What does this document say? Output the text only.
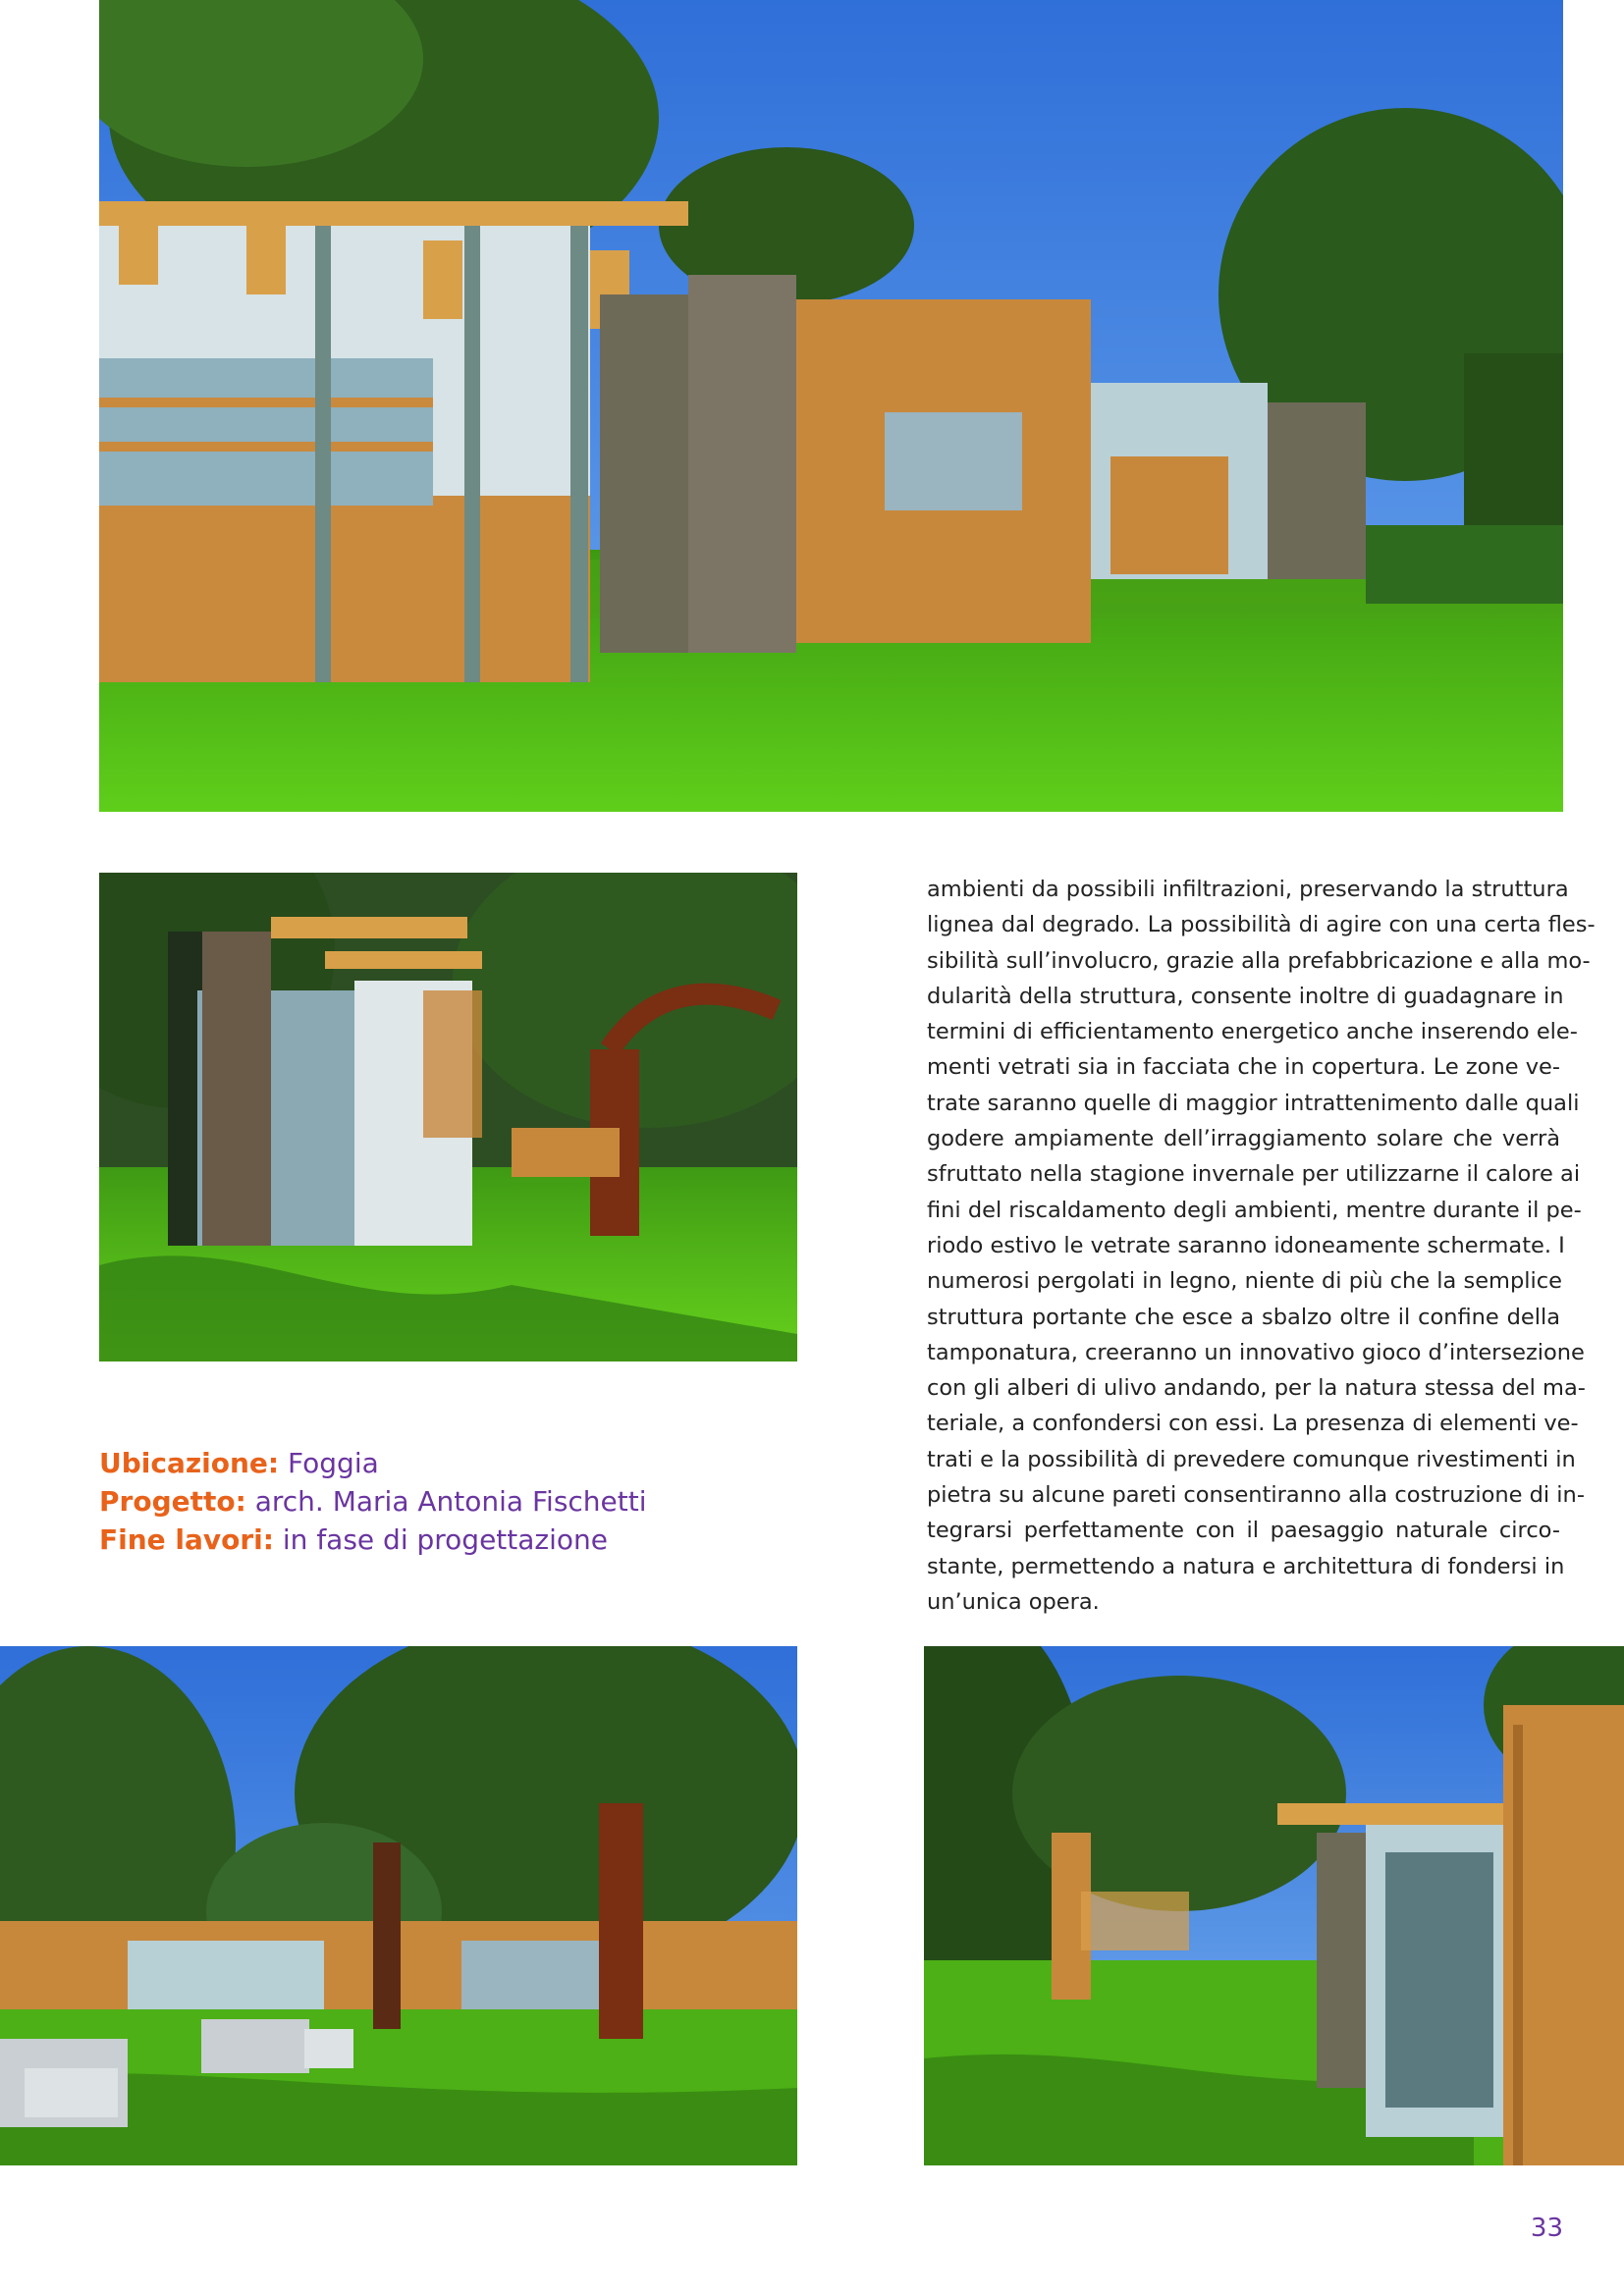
ambienti da possibili infiltrazioni, preservando la struttura
lignea dal degrado. La possibilità di agire con una certa fles-
sibilità sull’involucro, grazie alla prefabbricazione e alla mo-
dularità della struttura, consente inoltre di guadagnare in
termini di efficientamento energetico anche inserendo ele-
menti vetrati sia in facciata che in copertura. Le zone ve-
trate saranno quelle di maggior intrattenimento dalle quali
godere ampiamente dell’irraggiamento solare che verrà
sfruttato nella stagione invernale per utilizzarne il calore ai
fini del riscaldamento degli ambienti, mentre durante il pe-
riodo estivo le vetrate saranno idoneamente schermate. I
numerosi pergolati in legno, niente di più che la semplice
struttura portante che esce a sbalzo oltre il confine della
tamponatura, creeranno un innovativo gioco d’intersezione
con gli alberi di ulivo andando, per la natura stessa del ma-
teriale, a confondersi con essi. La presenza di elementi ve-
trati e la possibilità di prevedere comunque rivestimenti in
pietra su alcune pareti consentiranno alla costruzione di in-
tegrarsi perfettamente con il paesaggio naturale circo-
stante, permettendo a natura e architettura di fondersi in
un’unica opera.

Ubicazione: Foggia
Progetto: arch. Maria Antonia Fischetti
Fine lavori: in fase di progettazione
33
